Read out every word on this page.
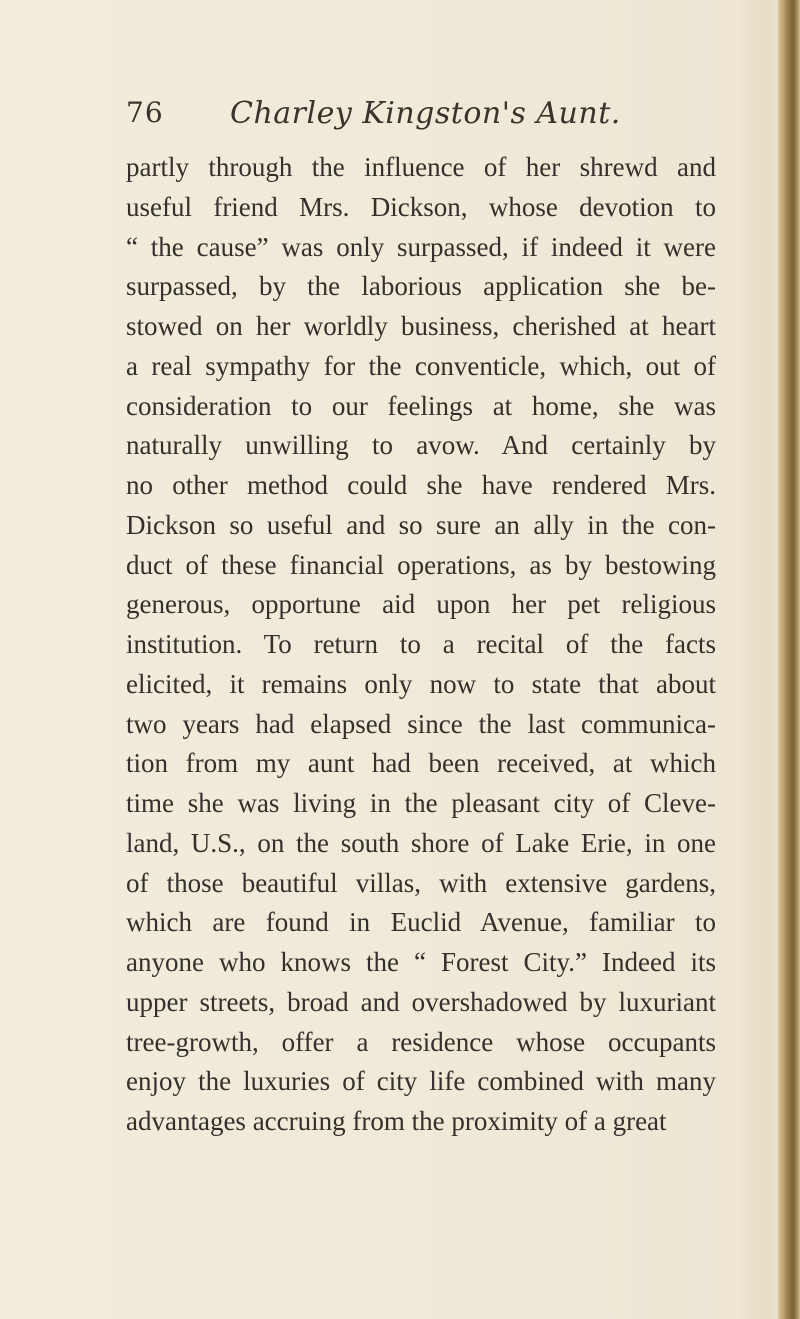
76 Charley Kingston's Aunt.
partly through the influence of her shrewd and
useful friend Mrs. Dickson, whose devotion to
“ the cause” was only surpassed, if indeed it were
surpassed, by the laborious application she be-
stowed on her worldly business, cherished at heart
a real sympathy for the conventicle, which, out of
consideration to our feelings at home, she was
naturally unwilling to avow. And certainly by
no other method could she have rendered Mrs.
Dickson so useful and so sure an ally in the con-
duct of these financial operations, as by bestowing
generous, opportune aid upon her pet religious
institution. To return to a recital of the facts
elicited, it remains only now to state that about
two years had elapsed since the last communica-
tion from my aunt had been received, at which
time she was living in the pleasant city of Cleve-
land, U.S., on the south shore of Lake Erie, in one
of those beautiful villas, with extensive gardens,
which are found in Euclid Avenue, familiar to
anyone who knows the “ Forest City.” Indeed its
upper streets, broad and overshadowed by luxuriant
tree-growth, offer a residence whose occupants
enjoy the luxuries of city life combined with many
advantages accruing from the proximity of a great
